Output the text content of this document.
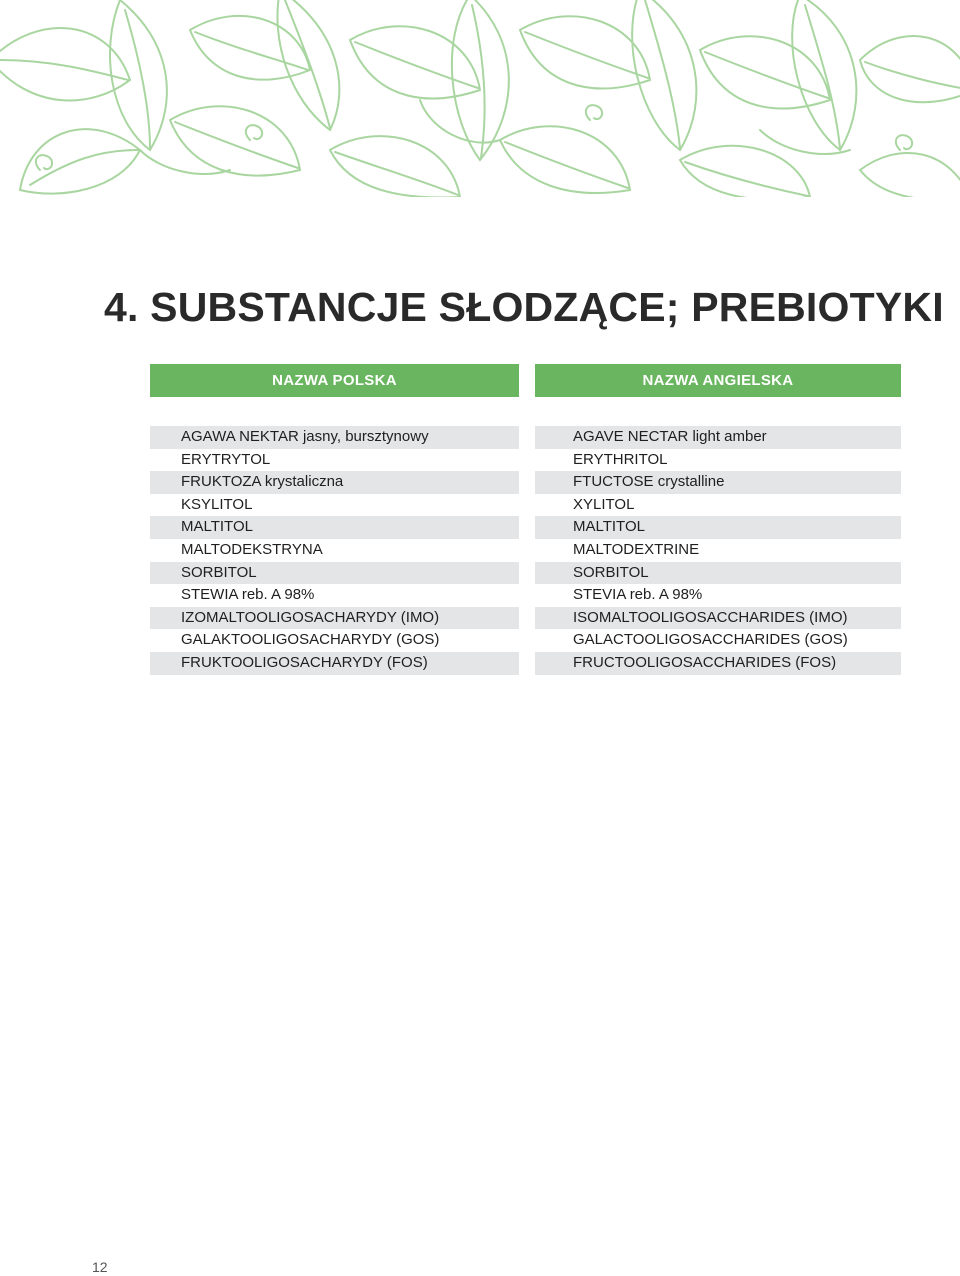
4. SUBSTANCJE SŁODZĄCE; PREBIOTYKI
NAZWA POLSKA
AGAWA NEKTAR jasny, bursztynowy
ERYTRYTOL
FRUKTOZA krystaliczna
KSYLITOL
MALTITOL
MALTODEKSTRYNA
SORBITOL
STEWIA reb. A 98%
IZOMALTOOLIGOSACHARYDY (IMO)
GALAKTOOLIGOSACHARYDY (GOS)
FRUKTOOLIGOSACHARYDY (FOS)
NAZWA ANGIELSKA
AGAVE NECTAR light amber
ERYTHRITOL
FTUCTOSE crystalline
XYLITOL
MALTITOL
MALTODEXTRINE
SORBITOL
STEVIA reb. A 98%
ISOMALTOOLIGOSACCHARIDES (IMO)
GALACTOOLIGOSACCHARIDES (GOS)
FRUCTOOLIGOSACCHARIDES (FOS)
12
